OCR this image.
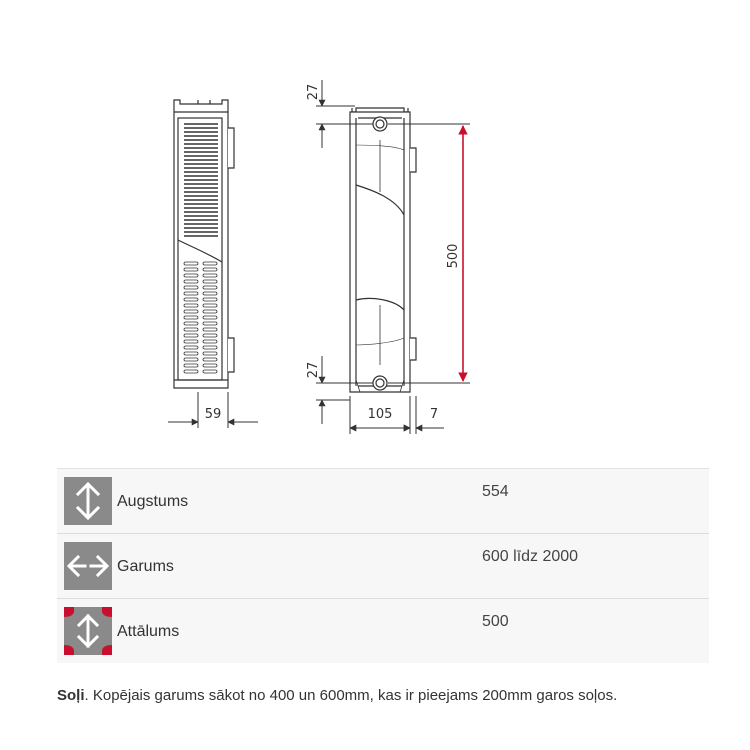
59
27
27
500
105	7
Augstums
554
Garums
600 līdz 2000
Attālums
500
Soļi. Kopējais garums sākot no 400 un 600mm, kas ir pieejams 200mm garos soļos.
